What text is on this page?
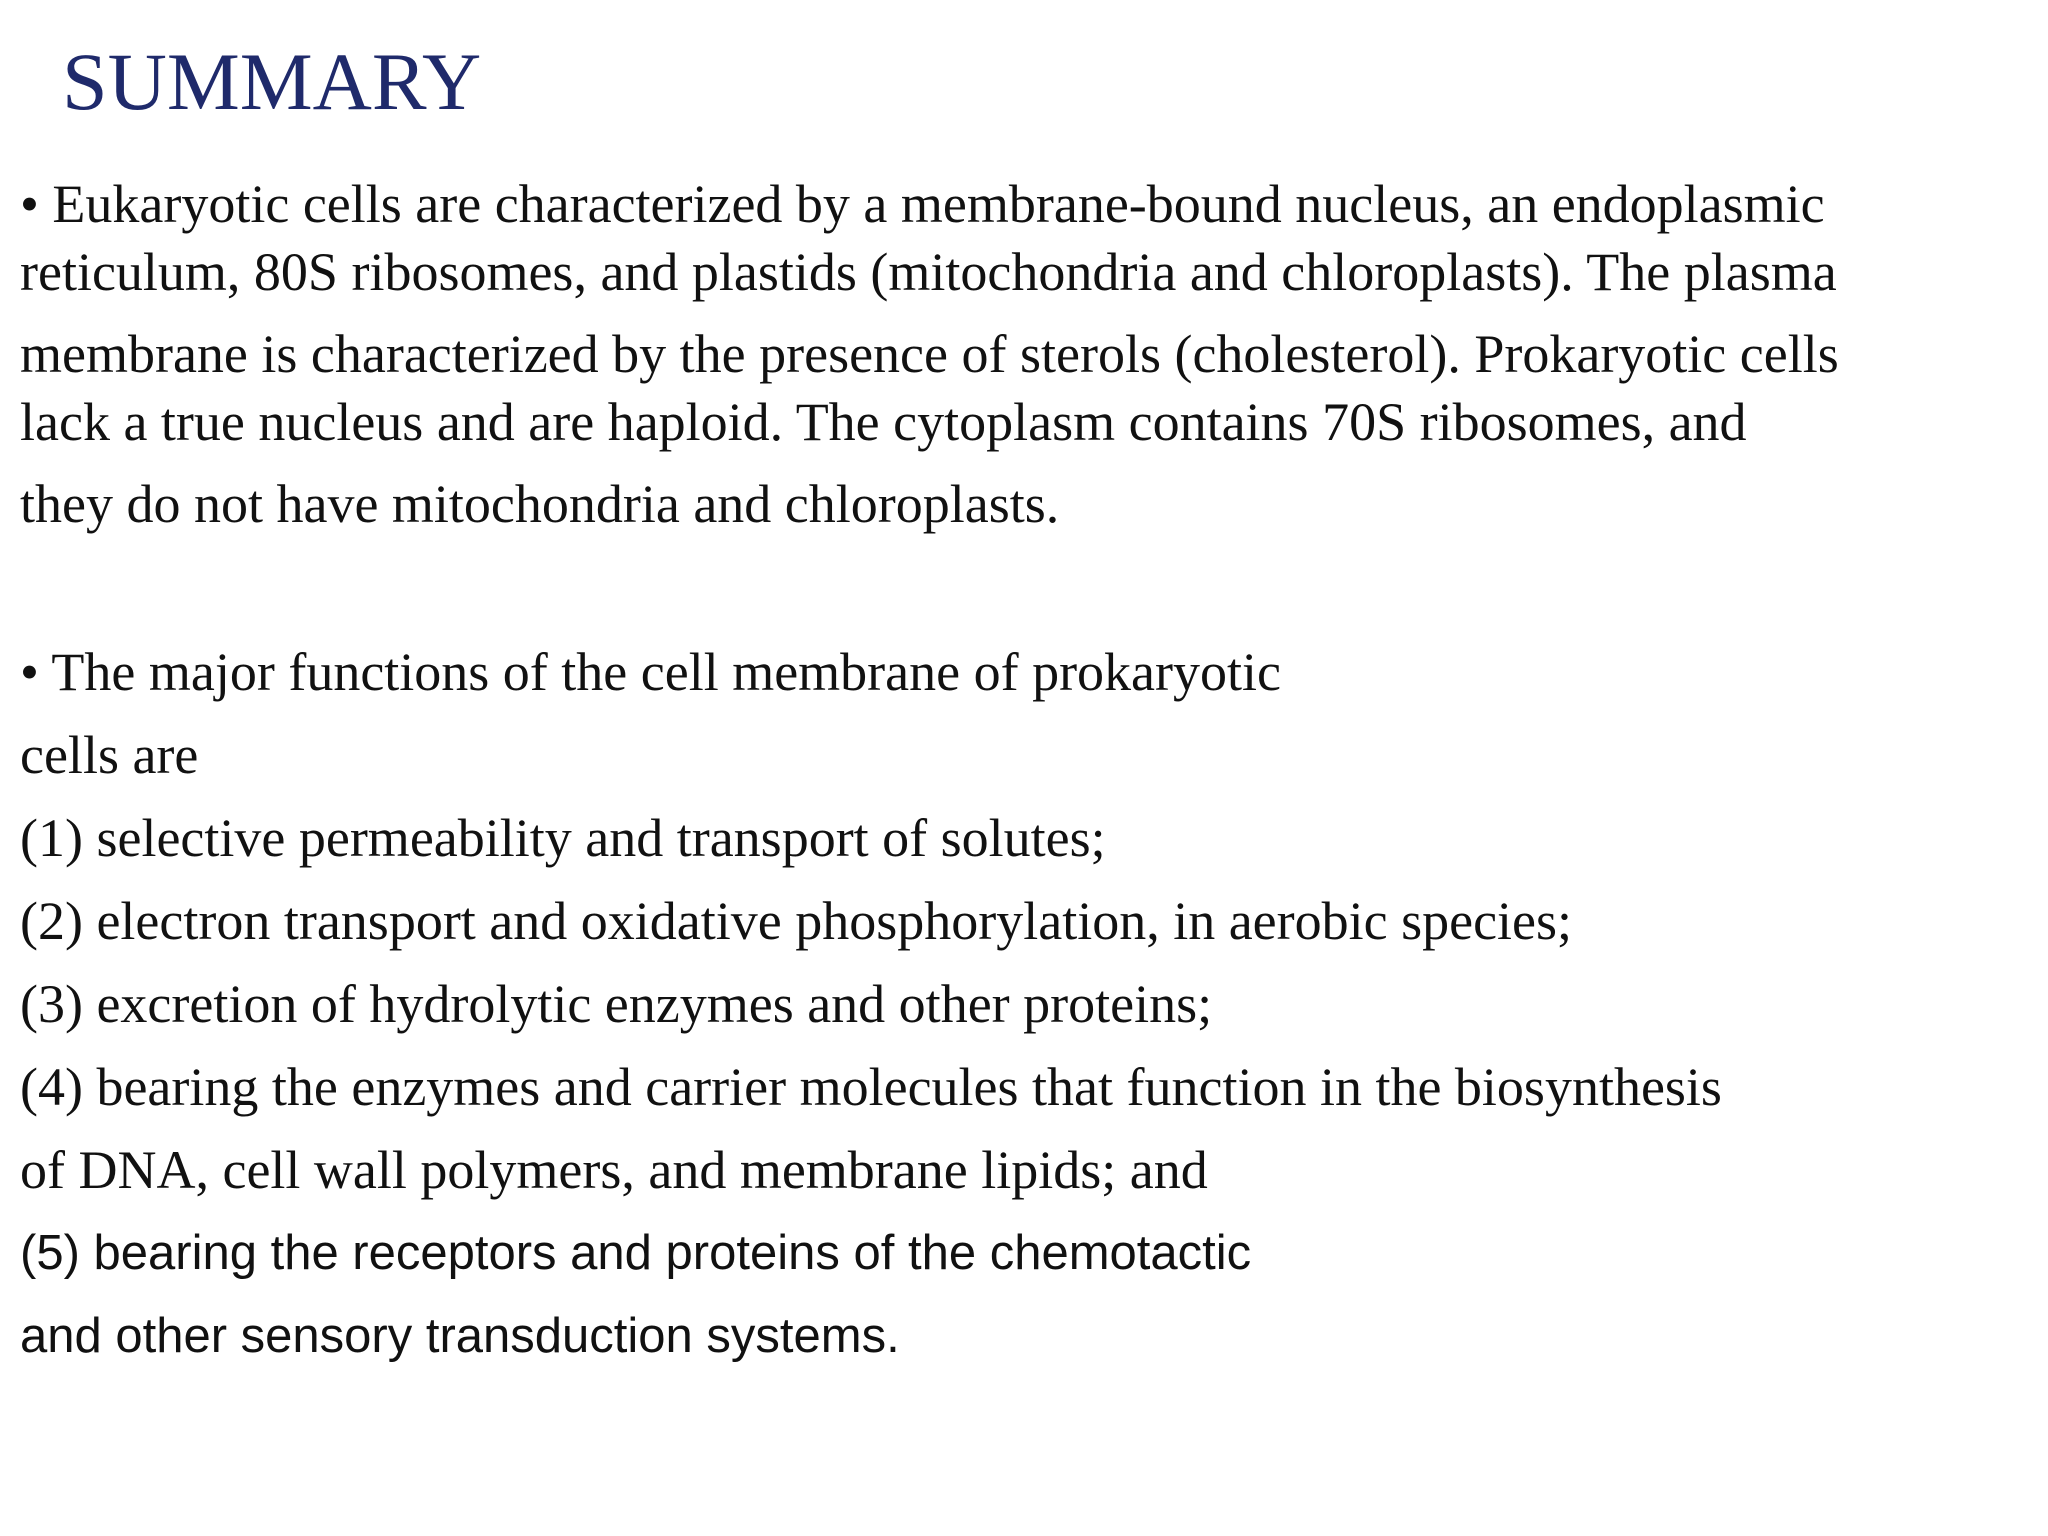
SUMMARY
• Eukaryotic cells are characterized by a membrane-bound nucleus, an endoplasmic
reticulum, 80S ribosomes, and plastids (mitochondria and chloroplasts). The plasma
membrane is characterized by the presence of sterols (cholesterol). Prokaryotic cells
lack a true nucleus and are haploid. The cytoplasm contains 70S ribosomes, and
they do not have mitochondria and chloroplasts.
• The major functions of the cell membrane of prokaryotic
cells are
(1) selective permeability and transport of solutes;
(2) electron transport and oxidative phosphorylation, in aerobic species;
(3) excretion of hydrolytic enzymes and other proteins;
(4) bearing the enzymes and carrier molecules that function in the biosynthesis
of DNA, cell wall polymers, and membrane lipids; and
(5) bearing the receptors and proteins of the chemotactic
and other sensory transduction systems.
